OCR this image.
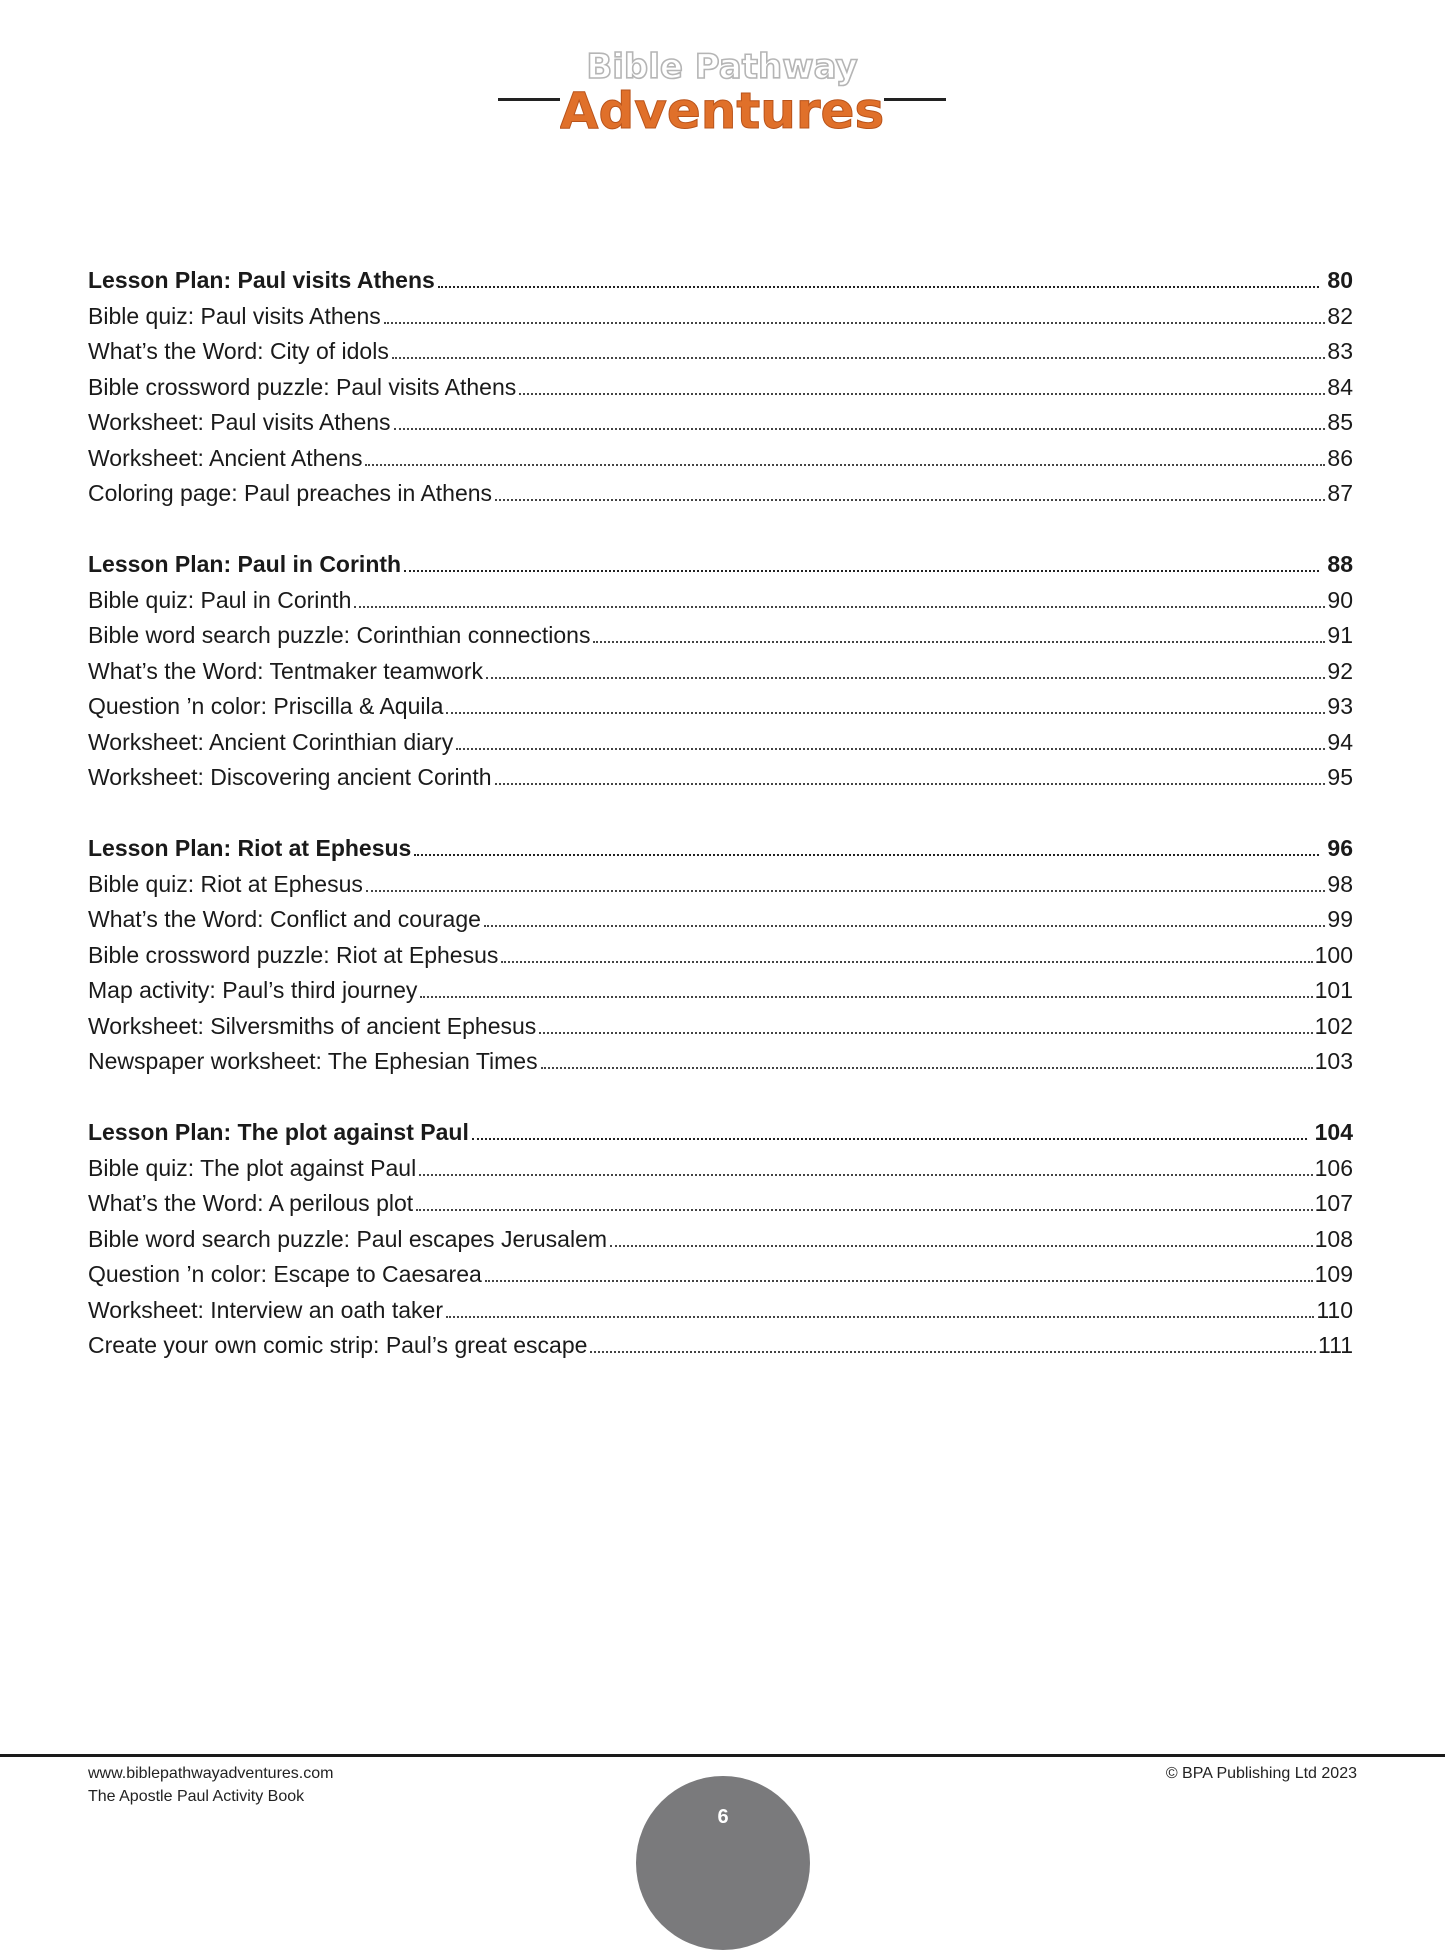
Bible Pathway
Adventures
Lesson Plan: Paul visits Athens	80
Bible quiz: Paul visits Athens	82
What’s the Word: City of idols	83
Bible crossword puzzle: Paul visits Athens	84
Worksheet: Paul visits Athens	85
Worksheet: Ancient Athens	86
Coloring page: Paul preaches in Athens	87
Lesson Plan: Paul in Corinth	88
Bible quiz: Paul in Corinth	90
Bible word search puzzle: Corinthian connections	91
What’s the Word: Tentmaker teamwork	92
Question ’n color: Priscilla & Aquila	93
Worksheet: Ancient Corinthian diary	94
Worksheet: Discovering ancient Corinth	95
Lesson Plan: Riot at Ephesus	96
Bible quiz: Riot at Ephesus	98
What’s the Word: Conflict and courage	99
Bible crossword puzzle: Riot at Ephesus	100
Map activity: Paul’s third journey	101
Worksheet: Silversmiths of ancient Ephesus	102
Newspaper worksheet: The Ephesian Times	103
Lesson Plan: The plot against Paul	104
Bible quiz: The plot against Paul	106
What’s the Word: A perilous plot	107
Bible word search puzzle: Paul escapes Jerusalem	108
Question ’n color: Escape to Caesarea	109
Worksheet: Interview an oath taker	110
Create your own comic strip: Paul’s great escape	111
www.biblepathwayadventures.com
The Apostle Paul Activity Book
© BPA Publishing Ltd 2023
6
